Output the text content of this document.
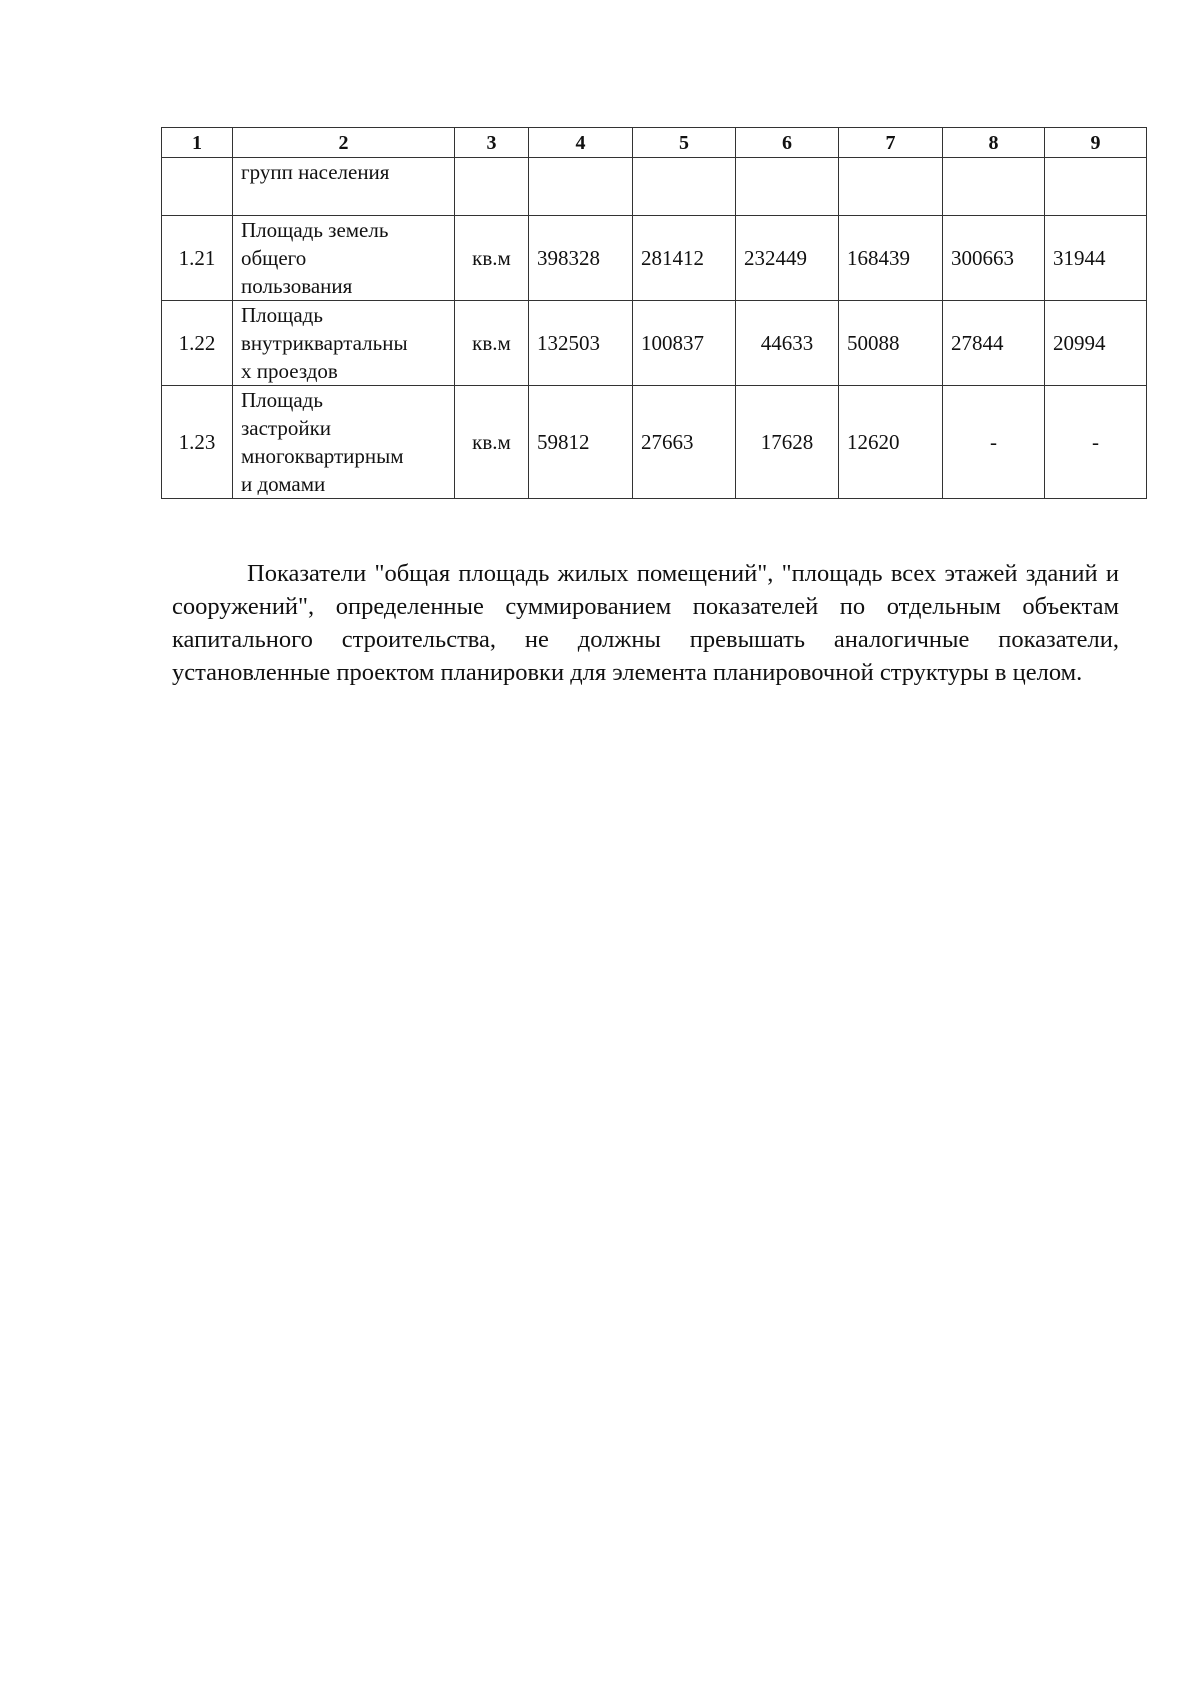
1	2	3	4	5	6	7	8	9

	групп населения							

1.21	Площадь земель
общего
пользования	кв.м	398328	281412	232449	168439	300663	31944
1.22	Площадь
внутриквартальны
х проездов	кв.м	132503	100837	44633	50088	27844	20994
1.23	Площадь
застройки
многоквартирным
и домами	кв.м	59812	27663	17628	12620	-	-

Показатели "общая площадь жилых помещений", "площадь всех этажей зданий и сооружений", определенные суммированием показателей по отдельным объектам капитального строительства, не должны превышать аналогичные показатели, установленные проектом планировки для элемента планировочной структуры в целом.
